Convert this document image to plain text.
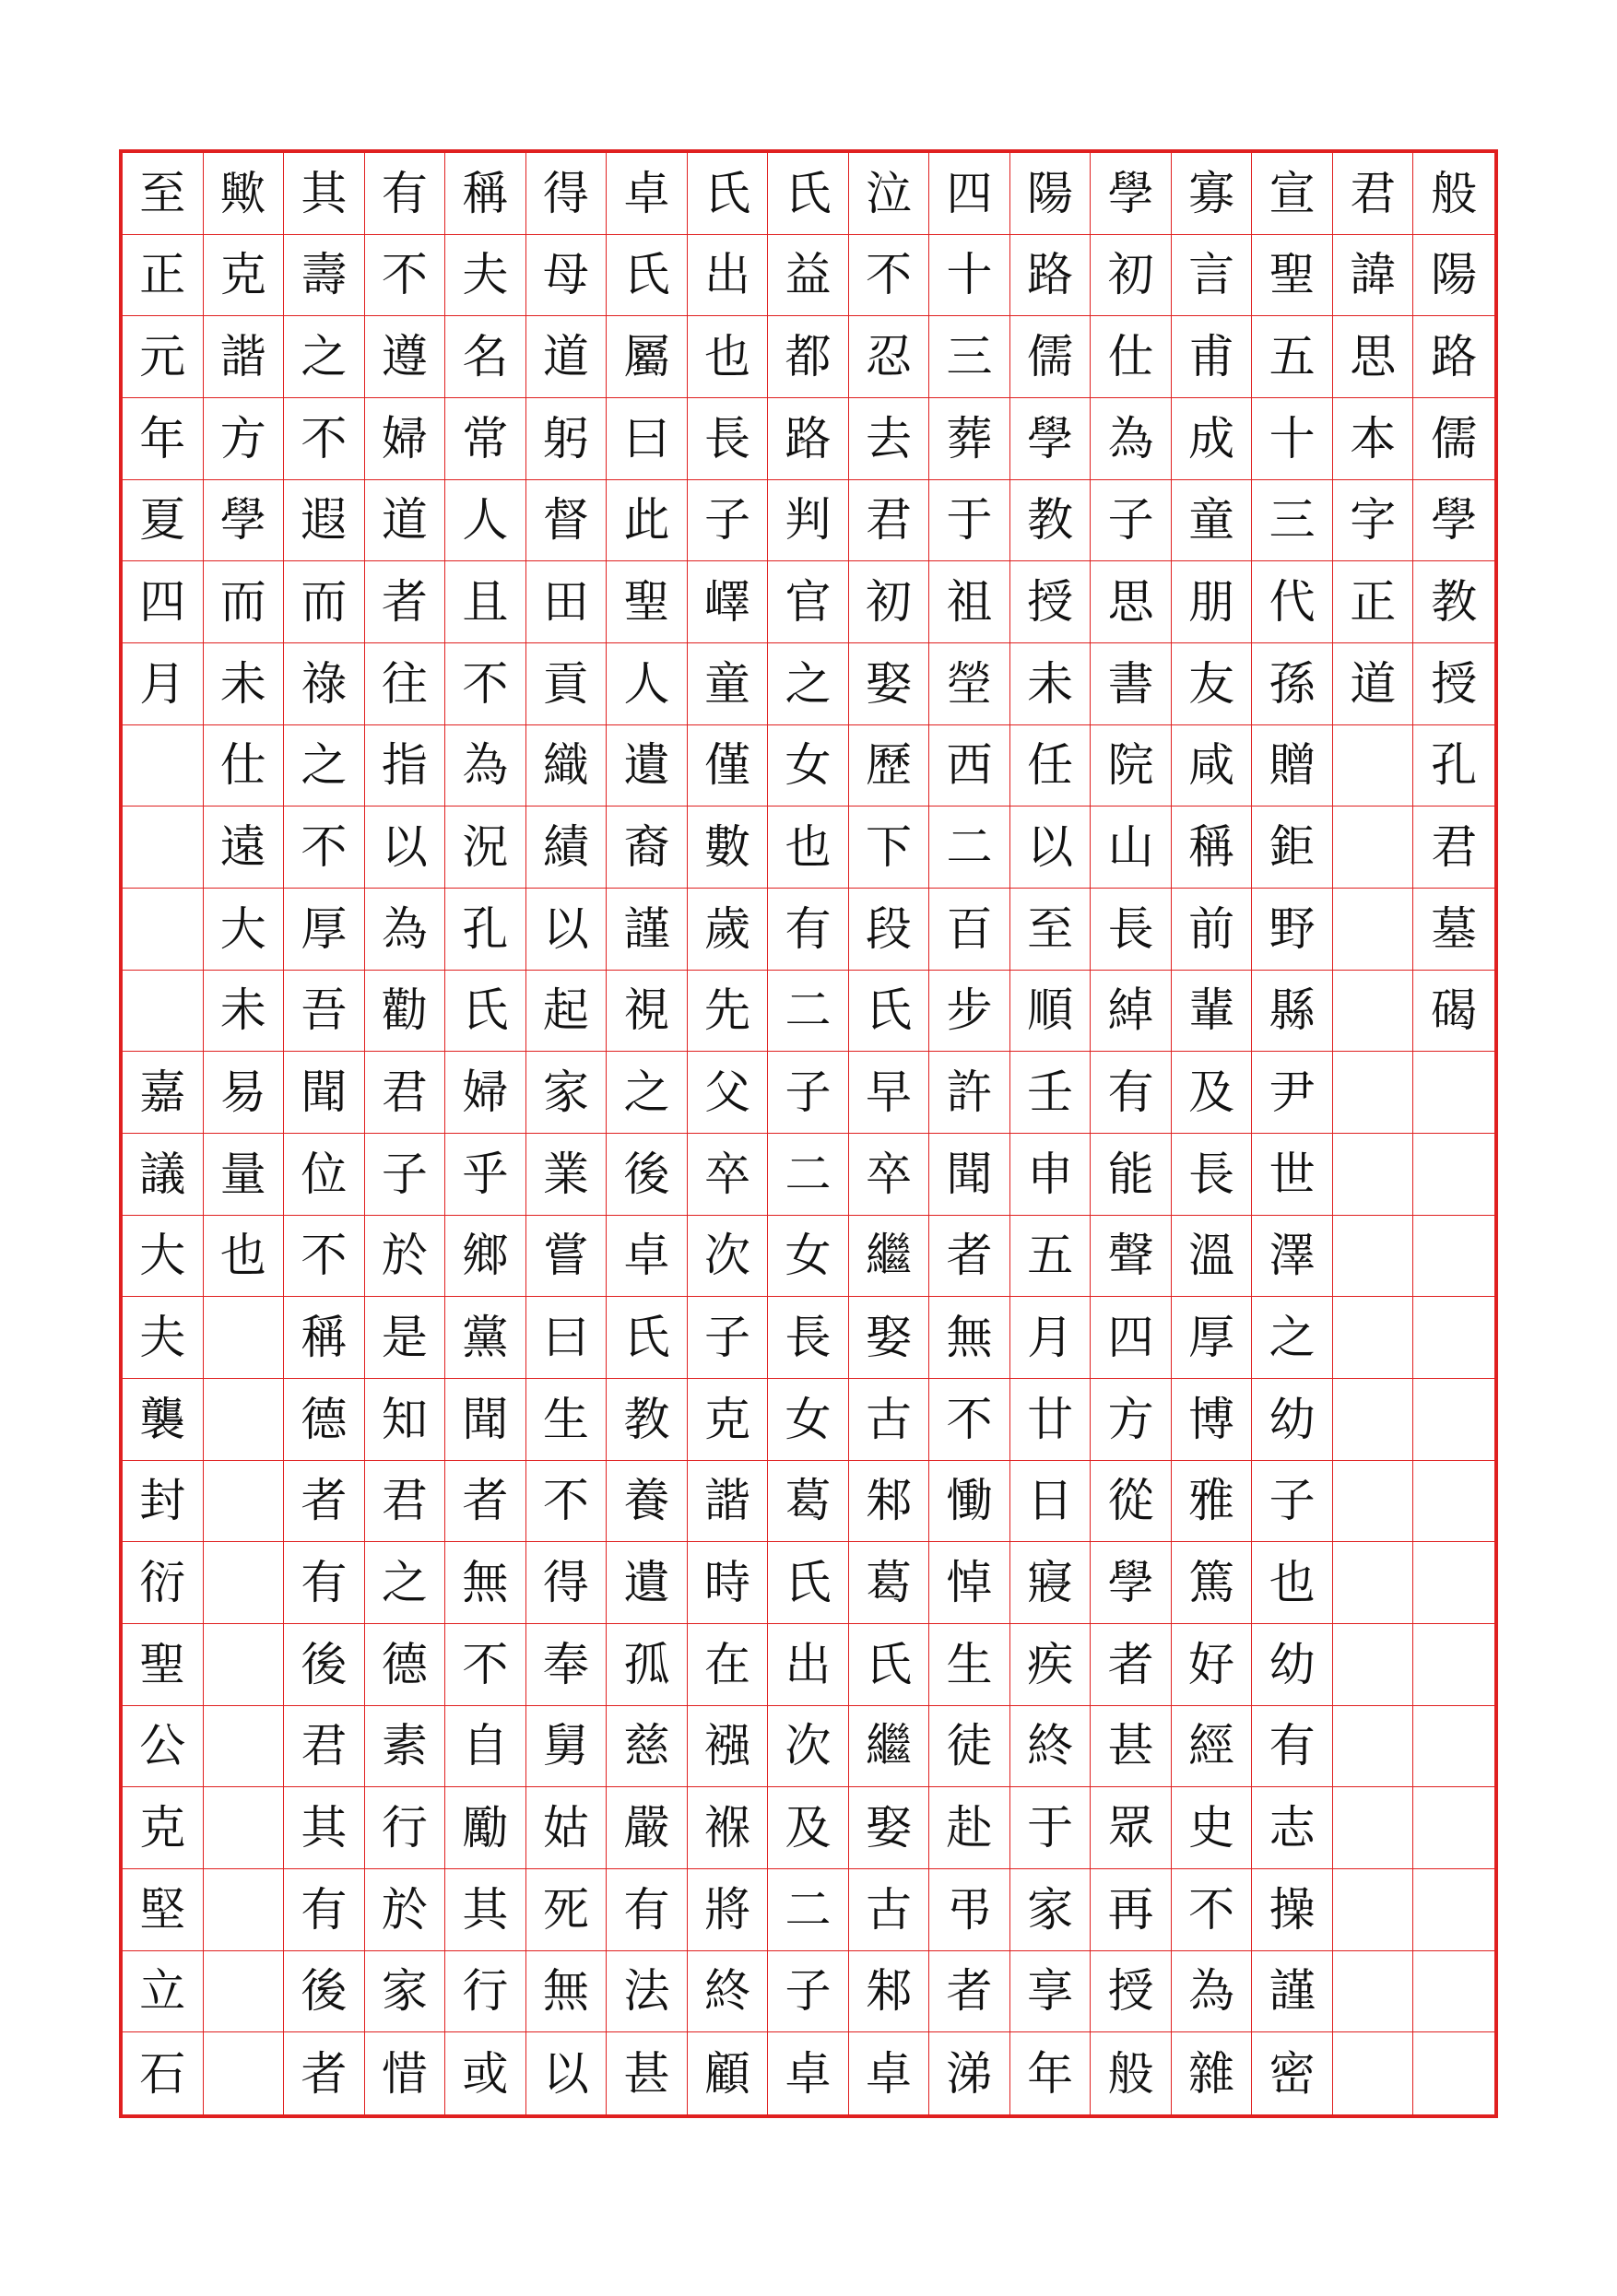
至
正
元
年
夏
四
月
嘉
議
大
夫
襲
封
衍
聖
公
克
堅
立
石
歟
克
諧
方
學
而
未
仕
遠
大
未
易
量
也
其
壽
之
不
遐
而
祿
之
不
厚
吾
聞
位
不
稱
德
者
有
後
君
其
有
後
者
有
不
遵
婦
道
者
往
指
以
為
勸
君
子
於
是
知
君
之
德
素
行
於
家
惜
稱
夫
名
常
人
且
不
為
況
孔
氏
婦
乎
鄉
黨
聞
者
無
不
自
勵
其
行
或
得
母
道
躬
督
田
貢
織
績
以
起
家
業
嘗
曰
生
不
得
奉
舅
姑
死
無
以
卓
氏
屬
曰
此
聖
人
遺
裔
謹
視
之
後
卓
氏
教
養
遺
孤
慈
嚴
有
法
甚
氏
出
也
長
子
嶧
童
僅
數
歲
先
父
卒
次
子
克
諧
時
在
襁
褓
將
終
顧
氏
益
都
路
判
官
之
女
也
有
二
子
二
女
長
女
葛
氏
出
次
及
二
子
卓
泣
不
忍
去
君
初
娶
歷
下
段
氏
早
卒
繼
娶
古
邾
葛
氏
繼
娶
古
邾
卓
四
十
三
葬
于
祖
塋
西
二
百
步
許
聞
者
無
不
慟
悼
生
徒
赴
弔
者
涕
陽
路
儒
學
教
授
未
任
以
至
順
壬
申
五
月
廿
日
寢
疾
終
于
家
享
年
學
初
仕
為
子
思
書
院
山
長
綽
有
能
聲
四
方
從
學
者
甚
眾
再
授
般
寡
言
甫
成
童
朋
友
咸
稱
前
輩
及
長
溫
厚
博
雅
篤
好
經
史
不
為
雜
宣
聖
五
十
三
代
孫
贈
鉅
野
縣
尹
世
澤
之
幼
子
也
幼
有
志
操
謹
密
君
諱
思
本
字
正
道
般
陽
路
儒
學
教
授
孔
君
墓
碣
